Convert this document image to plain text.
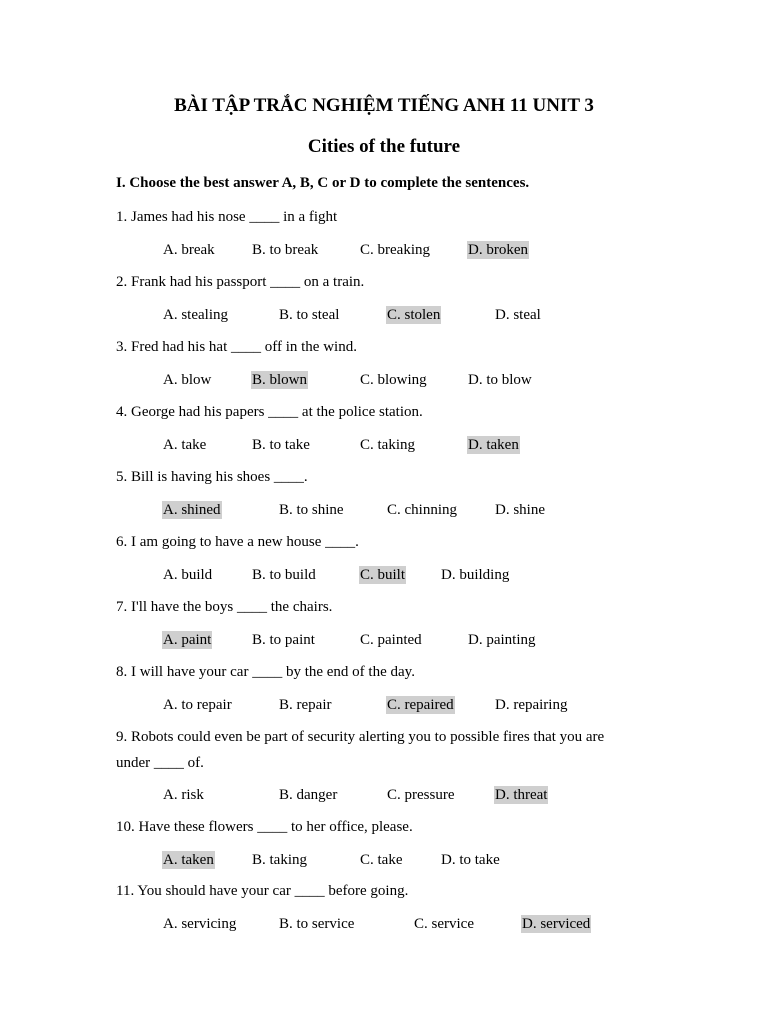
BÀI TẬP TRẮC NGHIỆM TIẾNG ANH 11 UNIT 3
Cities of the future
I. Choose the best answer A, B, C or D to complete the sentences.
1. James had his nose ____ in a fight
A. break B. to break	C. breaking	D. broken
2. Frank had his passport ____ on a train.
A. stealing	B. to steal	C. stolen	D. steal
3. Fred had his hat ____ off in the wind.
A. blow	B. blown	C. blowing	D. to blow
4. George had his papers ____ at the police station.
A. take	B. to take	C. taking	D. taken
5. Bill is having his shoes ____.
A. shined	B. to shine	C. chinning	D. shine
6. I am going to have a new house ____.
A. build	B. to build	C. built D. building
7. I'll have the boys ____ the chairs.
A. paint	B. to paint	C. painted	D. painting
8. I will have your car ____ by the end of the day.
A. to repair	B. repair	C. repaired	D. repairing
9. Robots could even be part of security alerting you to possible fires that you are
under ____ of.
A. risk	B. danger	C. pressure	D. threat
10. Have these flowers ____ to her office, please.
A. taken	B. taking	C. take	D. to take
11. You should have your car ____ before going.
A. servicing	B. to service	C. service	D. serviced
